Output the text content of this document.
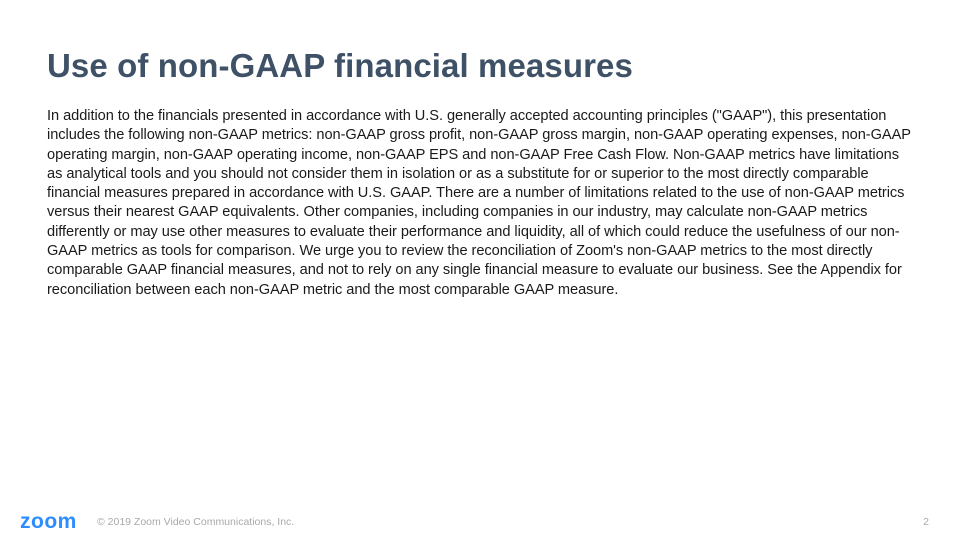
Use of non-GAAP financial measures

In addition to the financials presented in accordance with U.S. generally accepted accounting principles ("GAAP"), this presentation includes the following non-GAAP metrics: non-GAAP gross profit, non-GAAP gross margin, non-GAAP operating expenses, non-GAAP operating margin, non-GAAP operating income, non-GAAP EPS and non-GAAP Free Cash Flow. Non-GAAP metrics have limitations as analytical tools and you should not consider them in isolation or as a substitute for or superior to the most directly comparable financial measures prepared in accordance with U.S. GAAP. There are a number of limitations related to the use of non-GAAP metrics versus their nearest GAAP equivalents. Other companies, including companies in our industry, may calculate non-GAAP metrics differently or may use other measures to evaluate their performance and liquidity, all of which could reduce the usefulness of our non-GAAP metrics as tools for comparison. We urge you to review the reconciliation of Zoom's non-GAAP metrics to the most directly comparable GAAP financial measures, and not to rely on any single financial measure to evaluate our business. See the Appendix for reconciliation between each non-GAAP metric and the most comparable GAAP measure.

zoom © 2019 Zoom Video Communications, Inc.	2
